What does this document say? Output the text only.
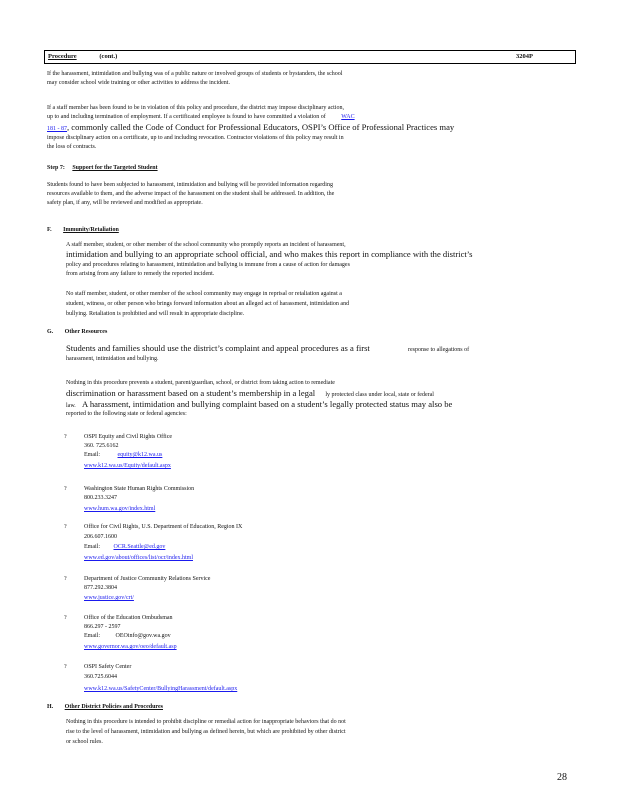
Procedure	(cont.)	3204P
If the harassment, intimidation and bullying was of a public nature or involved groups of students or bystanders, the school
may consider school wide training or other activities to address the incident.
If a staff member has been found to be in violation of this policy and procedure, the district may impose disciplinary action,
up to and including termination of employment. If a certificated employee is found to have committed a violation of	WAC
181 - 87, commonly called the Code of Conduct for Professional Educators, OSPI’s Office of Professional Practices may
impose disciplinary action on a certificate, up to and including revocation. Contractor violations of this policy may result in
the loss of contracts.
Step 7: Support for the Targeted Student
Students found to have been subjected to harassment, intimidation and bullying will be provided information regarding
resources available to them, and the adverse impact of the harassment on the student shall be addressed. In addition, the
safety plan, if any, will be reviewed and modified as appropriate.
F. Immunity/Retaliation
A staff member, student, or other member of the school community who promptly reports an incident of harassment,
intimidation and bullying to an appropriate school official, and who makes this report in compliance with the district’s
policy and procedures relating to harassment, intimidation and bullying is immune from a cause of action for damages
from arising from any failure to remedy the reported incident.
No staff member, student, or other member of the school community may engage in reprisal or retaliation against a
student, witness, or other person who brings forward information about an alleged act of harassment, intimidation and
bullying. Retaliation is prohibited and will result in appropriate discipline.
G. Other Resources
Students and families should use the district’s complaint and appeal procedures as a first	response to allegations of
harassment, intimidation and bullying.
Nothing in this procedure prevents a student, parent/guardian, school, or district from taking action to remediate
discrimination or harassment based on a student’s membership in a legal ly protected class under local, state or federal
law. A harassment, intimidation and bullying complaint based on a student’s legally protected status may also be
reported to the following state or federal agencies:
?	OSPI Equity and Civil Rights Office
360. 725.6162
Email:	equity@k12.wa.us
www.k12.wa.us/Equity/default.aspx
?	Washington State Human Rights Commission
800.233.3247
www.hum.wa.gov/index.html
?	Office for Civil Rights, U.S. Department of Education, Region IX
206.607.1600
Email: OCR.Seattle@ed.gov
www.ed.gov/about/offices/list/ocr/index.html
?	Department of Justice Community Relations Service
877.292.3804
www.justice.gov/crt/
?	Office of the Education Ombudsman
866.297 - 2597
Email:	OEOinfo@gov.wa.gov
www.governor.wa.gov/oeo/default.asp
?	OSPI Safety Center
360.725.6044
www.k12.wa.us/SafetyCenter/BullyingHarassment/default.aspx
H. Other District Policies and Procedures
Nothing in this procedure is intended to prohibit discipline or remedial action for inappropriate behaviors that do not
rise to the level of harassment, intimidation and bullying as defined herein, but which are prohibited by other district
or school rules.
28
